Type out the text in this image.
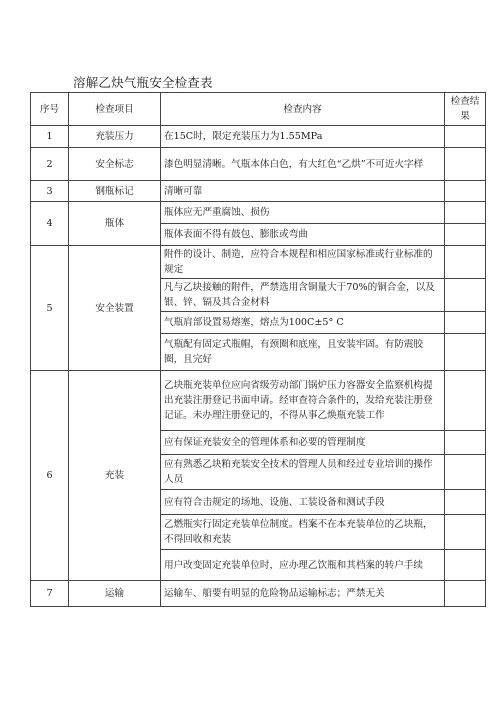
溶解乙炔气瓶安全检查表
序号	检查项目	检查内容	检查结果
1	充装压力	在15C时，限定充装压力为1.55MPa	
2	安全标志	漆色明显清晰。气瓶本体白色，有大红色“乙烘”不可近火字样	
3	钢瓶标记	清晰可靠	
4	瓶体	瓶体应无严重腐蚀、损伤	
		瓶体表面不得有鼓包、膨胀或弯曲	
5	安全装置	附件的设计、制造，应符合本规程和相应国家标准或行业标准的规定	
		凡与乙块接触的附件，严禁选用含铜量大于70%的铜合金，以及银、锌、镉及其合金材料	
		气瓶肩部设置易熔塞，熔点为100C±5° C	
		气瓶配有固定式瓶帽，有颈圈和底座，且安装牢固。有防震胶圈，且完好	
6	充装	乙块瓶充装单位应向省级劳动部门锅炉压力容器安全监察机构提出充装注册登记书面申请。经审查符合条件的，发给充装注册登记证。未办理注册登记的，不得从事乙焕瓶充装工作	
		应有保证充装安全的管理体系和必要的管理制度	
		应有熟悉乙块粕充装安全技术的管理人员和经过专业培训的操作人员	
		应有符合击规定的场地、设施、工装设备和测试手段	
		乙燃瓶实行固定充装单位制度。档案不在本充装单位的乙块瓶，不得回收和充装	
		用户改变固定充装单位时，应办理乙饮瓶和其档案的转户手续	
7	运输	运输车、船要有明显的危险物品运输标志；严禁无关	
